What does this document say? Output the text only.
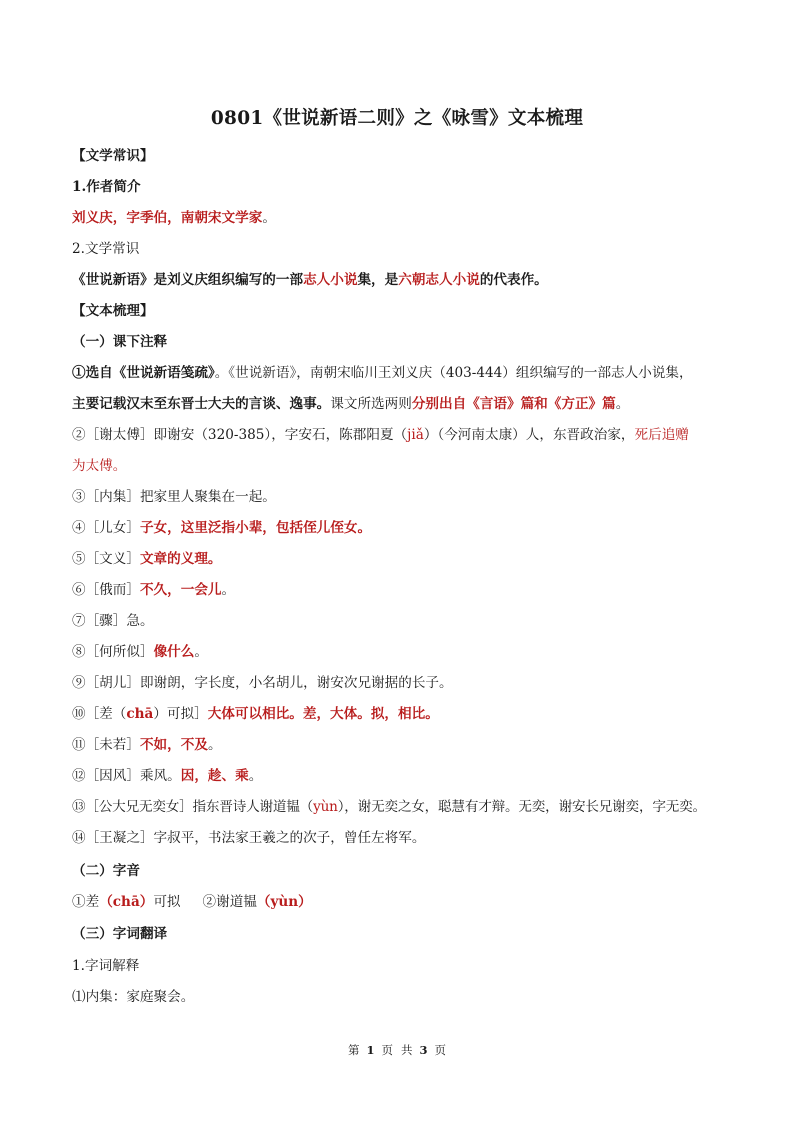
0801《世说新语二则》之《咏雪》文本梳理
【文学常识】
1.作者简介
刘义庆，字季伯，南朝宋文学家。
2.文学常识
《世说新语》是刘义庆组织编写的一部志人小说集，是六朝志人小说的代表作。
【文本梳理】
（一）课下注释
①选自《世说新语笺疏》。《世说新语》，南朝宋临川王刘义庆（403-444）组织编写的一部志人小说集，
主要记载汉末至东晋士大夫的言谈、逸事。课文所选两则分别出自《言语》篇和《方正》篇。
②［谢太傅］即谢安（320-385），字安石，陈郡阳夏（jiǎ）（今河南太康）人，东晋政治家，死后追赠
为太傅。
③［内集］把家里人聚集在一起。
④［儿女］子女，这里泛指小辈，包括侄儿侄女。
⑤［文义］文章的义理。
⑥［俄而］不久，一会儿。
⑦［骤］急。
⑧［何所似］像什么。
⑨［胡儿］即谢朗，字长度，小名胡儿，谢安次兄谢据的长子。
⑩［差（chā）可拟］大体可以相比。差，大体。拟，相比。
⑪［未若］不如，不及。
⑫［因风］乘风。因，趁、乘。
⑬［公大兄无奕女］指东晋诗人谢道韫（yùn），谢无奕之女，聪慧有才辩。无奕，谢安长兄谢奕，字无奕。
⑭［王凝之］字叔平，书法家王羲之的次子，曾任左将军。
（二）字音
①差（chā）可拟 ②谢道韫（yùn）
（三）字词翻译
1.字词解释
⑴内集：家庭聚会。
第 1 页 共 3 页
